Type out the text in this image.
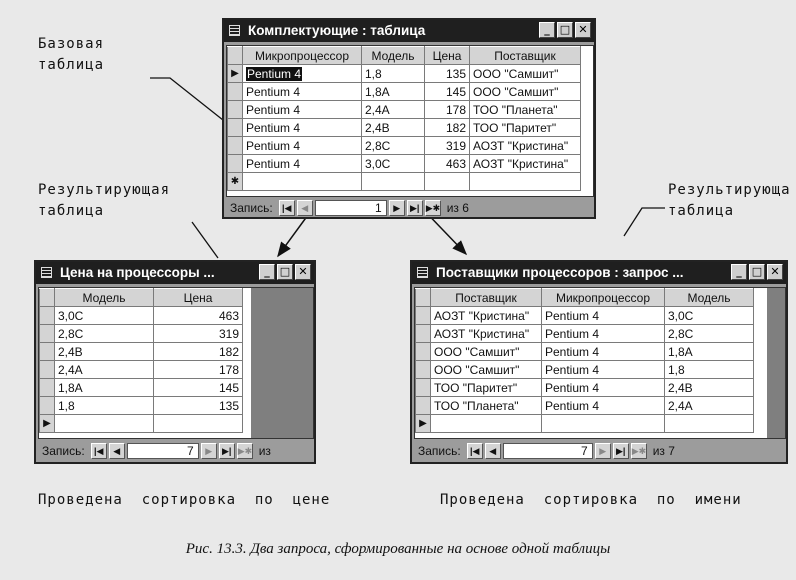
Базовая
таблица
Результирующая
таблица
Результирующа
таблица
Проведена  сортировка  по  цене	Проведена  сортировка  по  имени
Комплектующие : таблица	_ □ ✕
	Микропроцессор	Модель	Цена	Поставщик
▶	Pentium 4	1,8	135	ООО "Самшит"
	Pentium 4	1,8A	145	ООО "Самшит"
	Pentium 4	2,4A	178	ТОО "Планета"
	Pentium 4	2,4B	182	ТОО "Паритет"
	Pentium 4	2,8C	319	АОЗТ "Кристина"
	Pentium 4	3,0C	463	АОЗТ "Кристина"
✱				
Запись:	|◀	◀	1	▶	▶| ▶✱ из 6
Цена на процессоры ...	_ □ ✕
	Модель	Цена
	3,0C	463
	2,8C	319
	2,4B	182
	2,4A	178
	1,8A	145
	1,8	135
▶		
Запись:	|◀	◀	7	▶	▶| ▶✱ из
Поставщики процессоров : запрос ...	_ □ ✕
	Поставщик	Микропроцессор	Модель
	АОЗТ "Кристина"	Pentium 4	3,0C
	АОЗТ "Кристина"	Pentium 4	2,8C
	ООО "Самшит"	Pentium 4	1,8A
	ООО "Самшит"	Pentium 4	1,8
	ТОО "Паритет"	Pentium 4	2,4B
	ТОО "Планета"	Pentium 4	2,4A
▶			
Запись:	|◀	◀	7	▶	▶| ▶✱ из 7
Рис. 13.3. Два запроса, сформированные на основе одной таблицы
